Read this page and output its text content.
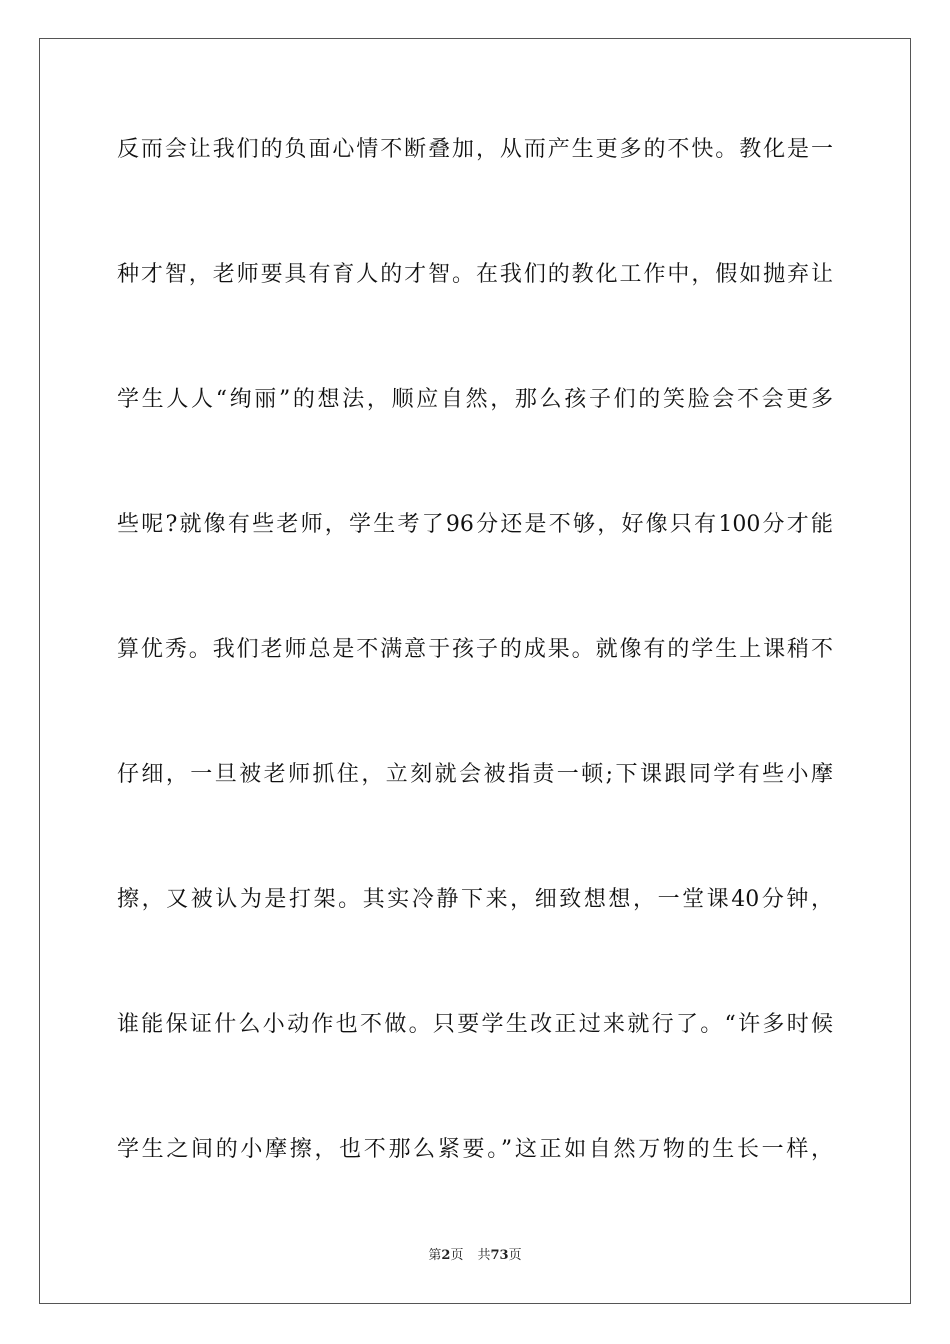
反而会让我们的负面心情不断叠加，从而产生更多的不快。教化是一
种才智，老师要具有育人的才智。在我们的教化工作中，假如抛弃让
学生人人“绚丽”的想法，顺应自然，那么孩子们的笑脸会不会更多
些呢?就像有些老师，学生考了96分还是不够，好像只有100分才能
算优秀。我们老师总是不满意于孩子的成果。就像有的学生上课稍不
仔细，一旦被老师抓住，立刻就会被指责一顿;下课跟同学有些小摩
擦，又被认为是打架。其实冷静下来，细致想想，一堂课40分钟，
谁能保证什么小动作也不做。只要学生改正过来就行了。“许多时候
学生之间的小摩擦，也不那么紧要。”这正如自然万物的生长一样，
第2页 共73页
